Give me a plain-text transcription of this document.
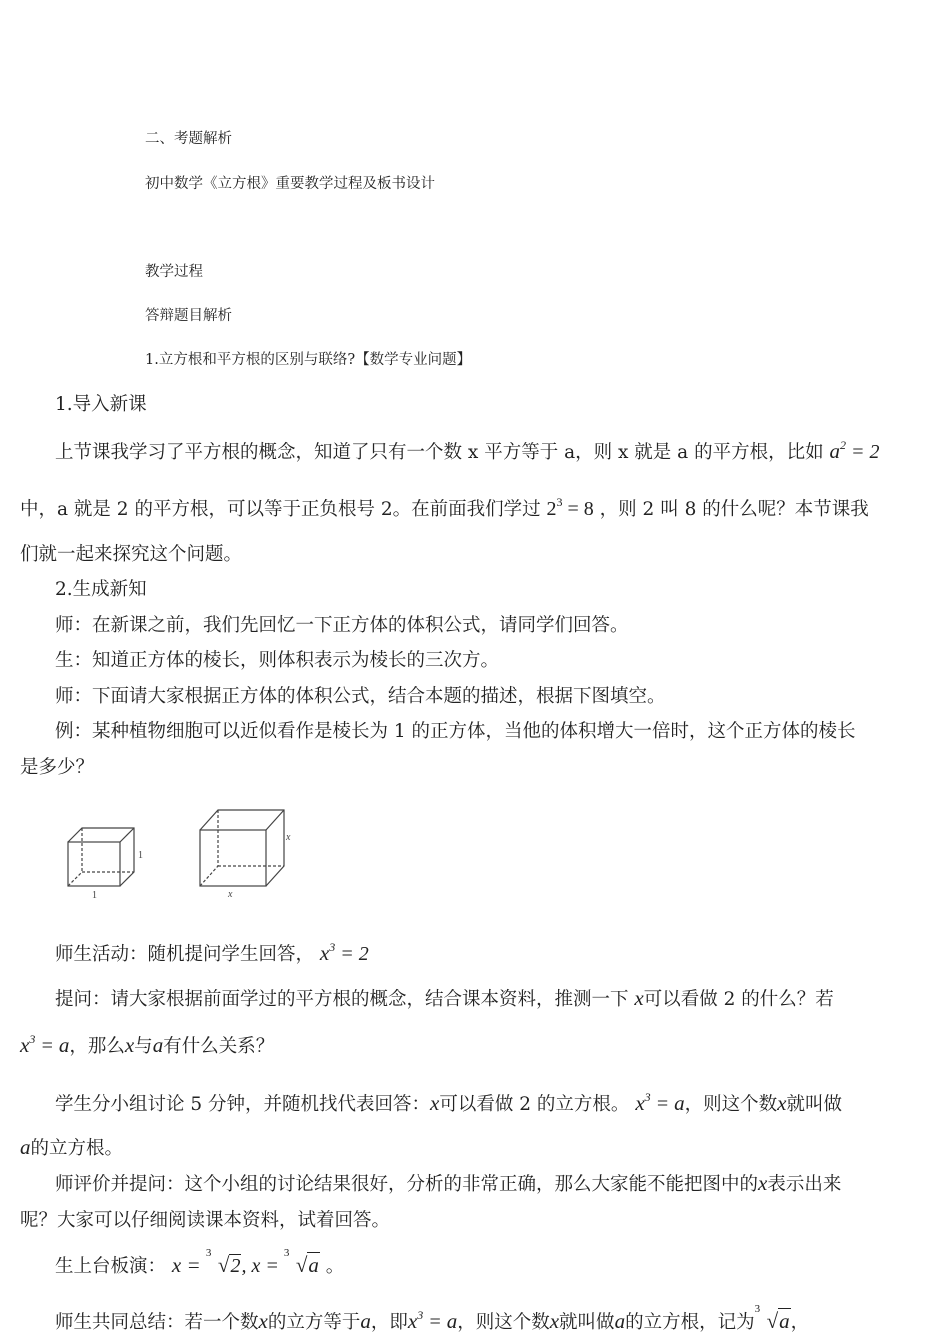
二、考题解析
初中数学《立方根》重要教学过程及板书设计
教学过程
答辩题目解析
1.立方根和平方根的区别与联络?【数学专业问题】
1.导入新课
上节课我学习了平方根的概念，知道了只有一个数 x 平方等于 a，则 x 就是 a 的平方根，比如 $a^2 = 2$
中，a 就是 2 的平方根，可以等于正负根号 2。在前面我们学过 $2^3 = 8$ ，则 2 叫 8 的什么呢？本节课我
们就一起来探究这个问题。
2.生成新知
师：在新课之前，我们先回忆一下正方体的体积公式，请同学们回答。
生：知道正方体的棱长，则体积表示为棱长的三次方。
师：下面请大家根据正方体的体积公式，结合本题的描述，根据下图填空。
例：某种植物细胞可以近似看作是棱长为 1 的正方体，当他的体积增大一倍时，这个正方体的棱长
是多少？
1
1
x
x
师生活动：随机提问学生回答， $x^3 = 2$
提问：请大家根据前面学过的平方根的概念，结合课本资料，推测一下 x可以看做 2 的什么？若
$x^3 = a$，那么x与a有什么关系？
学生分小组讨论 5 分钟，并随机找代表回答：x可以看做 2 的立方根。 $x^3 = a$，则这个数x就叫做
a的立方根。
师评价并提问：这个小组的讨论结果很好，分析的非常正确，那么大家能不能把图中的x表示出来
呢？大家可以仔细阅读课本资料，试着回答。
生上台板演： x = 3 √2, x =
3 √a 。
师生共同总结：若一个数x的立方等于a，即$x^3 = a$，则这个数x就叫做a的立方根，记为
3 √a，
